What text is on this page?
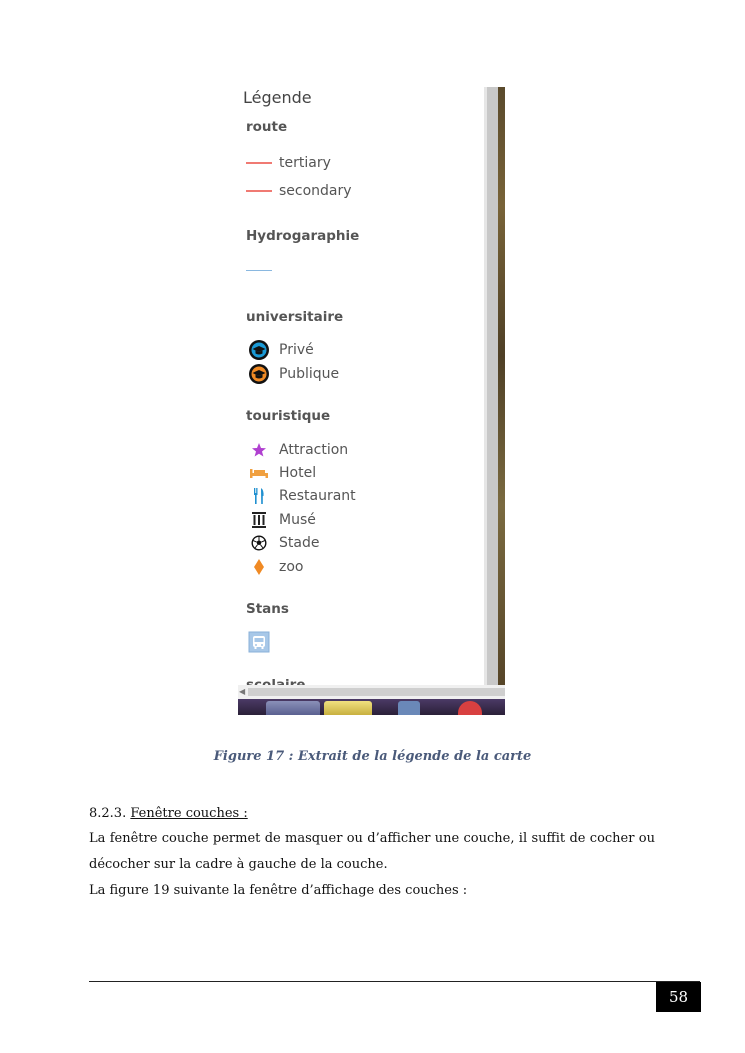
Légende
route
tertiary
secondary
Hydrogaraphie
universitaire
Privé
Publique
touristique
Attraction
Hotel
Restaurant
Musé
Stade
zoo
Stans
◀
Figure 17 : Extrait de la légende de la carte
8.2.3. Fenêtre couches :
La fenêtre couche permet de masquer ou d’afficher une couche, il suffit de cocher ou
décocher sur la cadre à gauche de la couche.
La figure 19 suivante la fenêtre d’affichage des couches :
58
